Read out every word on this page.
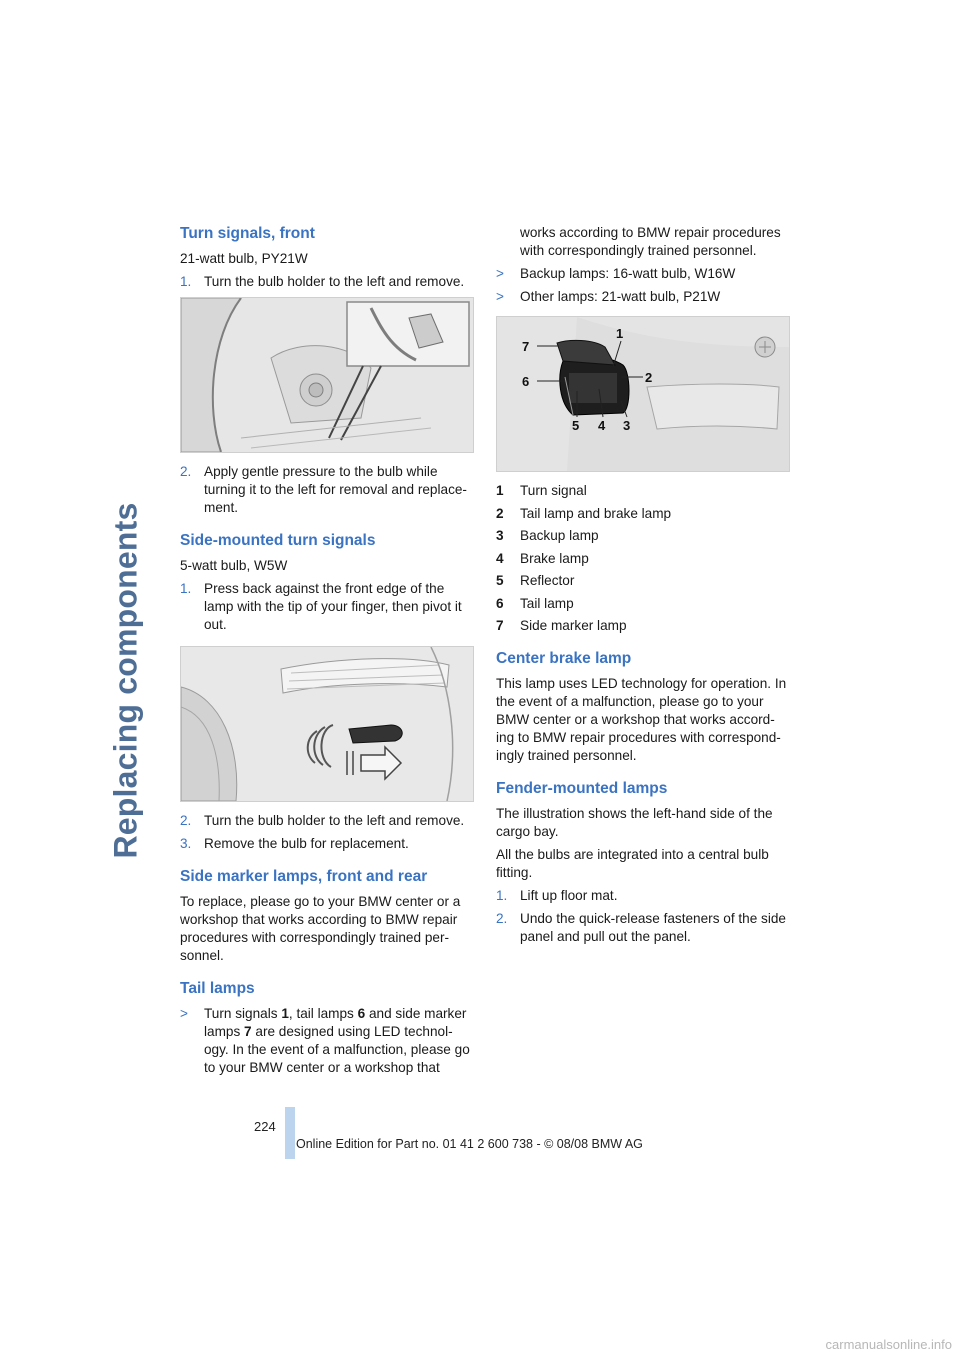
Replacing components
Turn signals, front

21-watt bulb, PY21W

1. Turn the bulb holder to the left and remove.
2. Apply gentle pressure to the bulb while turning it to the left for removal and replace-ment.
Side-mounted turn signals

5-watt bulb, W5W

1. Press back against the front edge of the lamp with the tip of your finger, then pivot it out.
2. Turn the bulb holder to the left and remove.
3. Remove the bulb for replacement.
Side marker lamps, front and rear

To replace, please go to your BMW center or a workshop that works according to BMW repair procedures with correspondingly trained per-sonnel.

Tail lamps
>	Turn signals 1, tail lamps 6 and side marker lamps 7 are designed using LED technol-ogy. In the event of a malfunction, please go to your BMW center or a workshop that
works according to BMW repair procedures with correspondingly trained personnel.
>	Backup lamps: 16-watt bulb, W16W
>	Other lamps: 21-watt bulb, P21W
1
2
3
4
5
6
7
1	Turn signal
2	Tail lamp and brake lamp
3	Backup lamp
4	Brake lamp
5	Reflector
6	Tail lamp
7	Side marker lamp
Center brake lamp

This lamp uses LED technology for operation. In the event of a malfunction, please go to your BMW center or a workshop that works accord-ing to BMW repair procedures with correspond-ingly trained personnel.

Fender-mounted lamps

The illustration shows the left-hand side of the cargo bay.

All the bulbs are integrated into a central bulb fitting.

1. Lift up floor mat.
2. Undo the quick-release fasteners of the side panel and pull out the panel.
224
Online Edition for Part no. 01 41 2 600 738 - © 08/08 BMW AG
carmanualsonline.info
